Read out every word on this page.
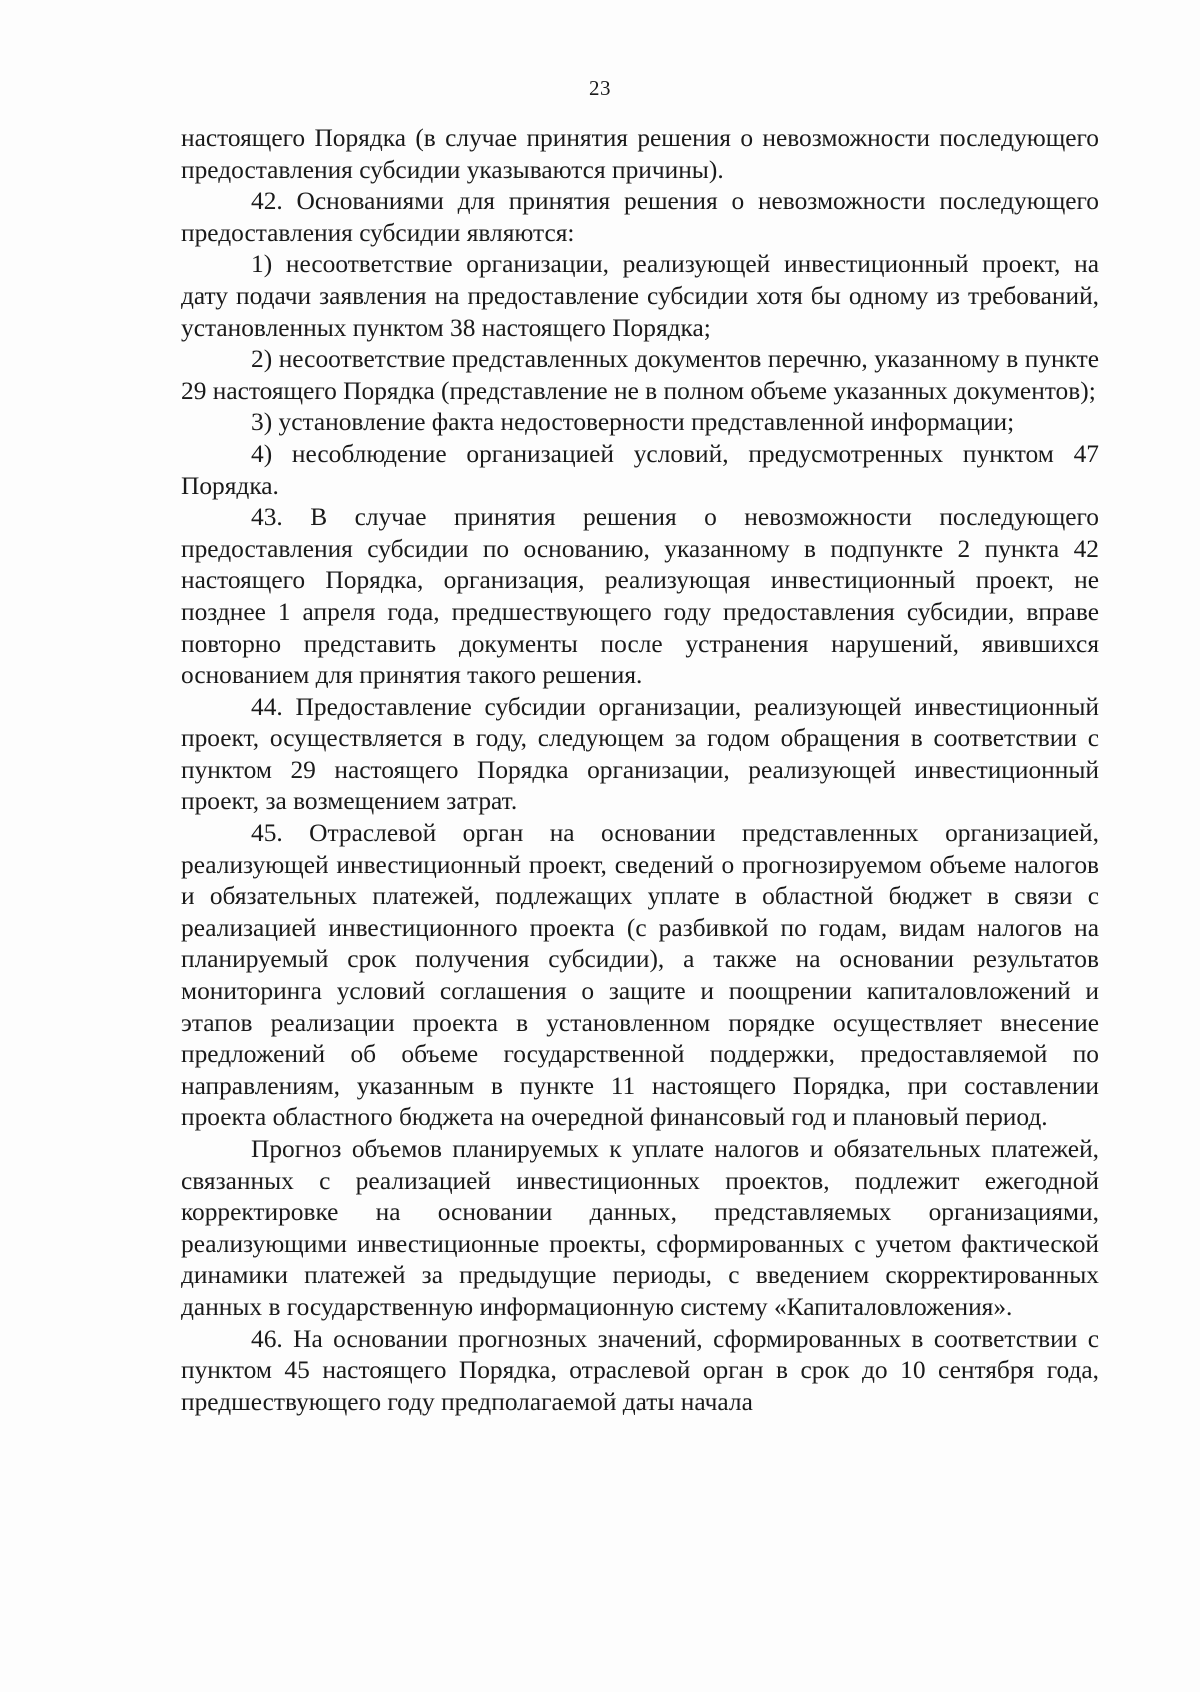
23

настоящего Порядка (в случае принятия решения о невозможности последующего предоставления субсидии указываются причины).

42. Основаниями для принятия решения о невозможности последующего предоставления субсидии являются:

1) несоответствие организации, реализующей инвестиционный проект, на дату подачи заявления на предоставление субсидии хотя бы одному из требований, установленных пунктом 38 настоящего Порядка;

2) несоответствие представленных документов перечню, указанному в пункте 29 настоящего Порядка (представление не в полном объеме указанных документов);

3) установление факта недостоверности представленной информации;

4) несоблюдение организацией условий, предусмотренных пунктом 47 Порядка.

43. В случае принятия решения о невозможности последующего предоставления субсидии по основанию, указанному в подпункте 2 пункта 42 настоящего Порядка, организация, реализующая инвестиционный проект, не позднее 1 апреля года, предшествующего году предоставления субсидии, вправе повторно представить документы после устранения нарушений, явившихся основанием для принятия такого решения.

44. Предоставление субсидии организации, реализующей инвестиционный проект, осуществляется в году, следующем за годом обращения в соответствии с пунктом 29 настоящего Порядка организации, реализующей инвестиционный проект, за возмещением затрат.

45. Отраслевой орган на основании представленных организацией, реализующей инвестиционный проект, сведений о прогнозируемом объеме налогов и обязательных платежей, подлежащих уплате в областной бюджет в связи с реализацией инвестиционного проекта (с разбивкой по годам, видам налогов на планируемый срок получения субсидии), а также на основании результатов мониторинга условий соглашения о защите и поощрении капиталовложений и этапов реализации проекта в установленном порядке осуществляет внесение предложений об объеме государственной поддержки, предоставляемой по направлениям, указанным в пункте 11 настоящего Порядка, при составлении проекта областного бюджета на очередной финансовый год и плановый период.

Прогноз объемов планируемых к уплате налогов и обязательных платежей, связанных с реализацией инвестиционных проектов, подлежит ежегодной корректировке на основании данных, представляемых организациями, реализующими инвестиционные проекты, сформированных с учетом фактической динамики платежей за предыдущие периоды, с введением скорректированных данных в государственную информационную систему «Капиталовложения».

46. На основании прогнозных значений, сформированных в соответствии с пунктом 45 настоящего Порядка, отраслевой орган в срок до 10 сентября года, предшествующего году предполагаемой даты начала
